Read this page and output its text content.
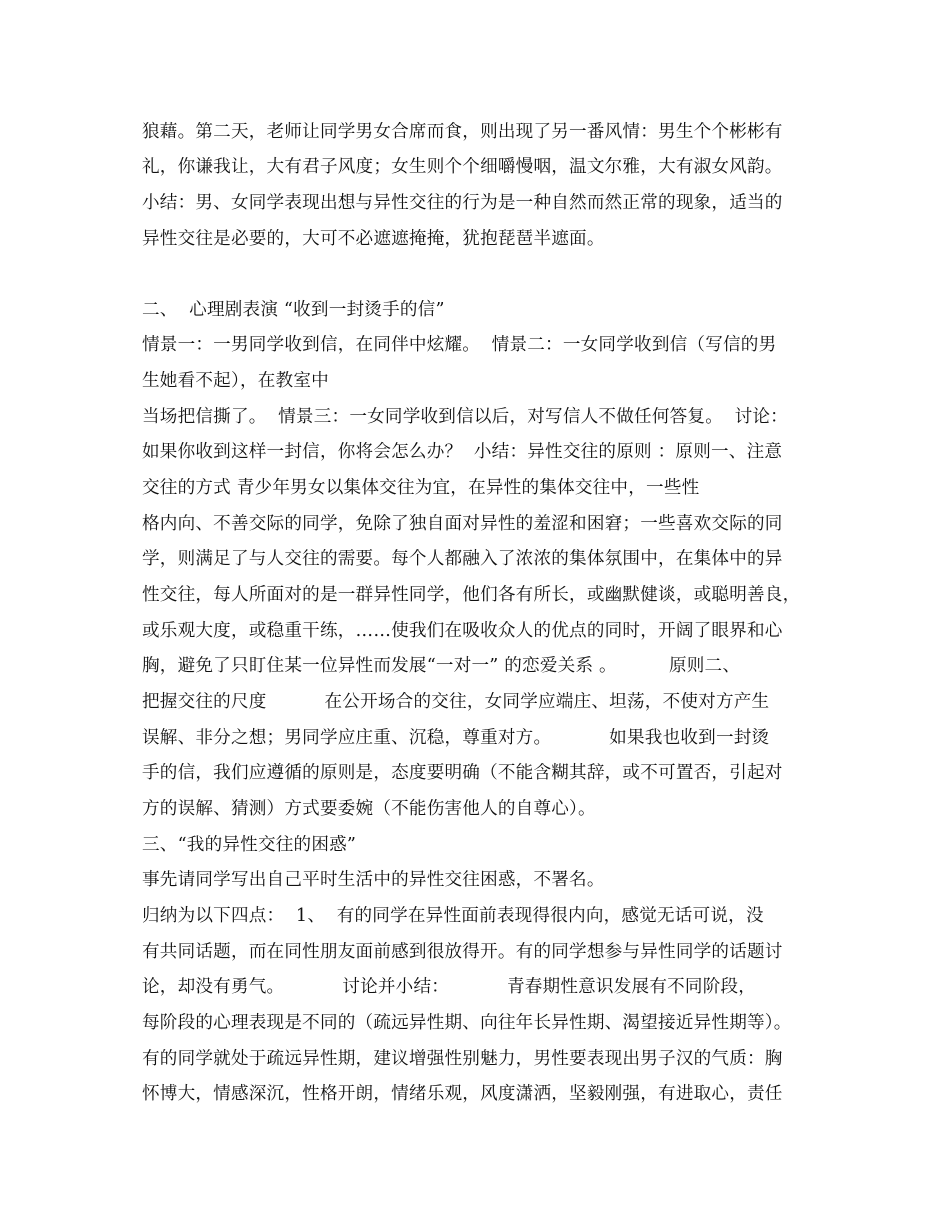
狼藉。第二天，老师让同学男女合席而食，则出现了另一番风情：男生个个彬彬有
礼，你谦我让，大有君子风度；女生则个个细嚼慢咽，温文尔雅，大有淑女风韵。
小结：男、女同学表现出想与异性交往的行为是一种自然而然正常的现象，适当的
异性交往是必要的，大可不必遮遮掩掩，犹抱琵琶半遮面。
二、  心理剧表演 “收到一封烫手的信”
情景一：一男同学收到信，在同伴中炫耀。  情景二：一女同学收到信（写信的男
生她看不起），在教室中
当场把信撕了。  情景三：一女同学收到信以后，对写信人不做任何答复。  讨论：
如果你收到这样一封信，你将会怎么办？  小结：异性交往的原则 ：原则一、注意
交往的方式 青少年男女以集体交往为宜，在异性的集体交往中，一些性
格内向、不善交际的同学，免除了独自面对异性的羞涩和困窘；一些喜欢交际的同
学，则满足了与人交往的需要。每个人都融入了浓浓的集体氛围中，在集体中的异
性交往，每人所面对的是一群异性同学，他们各有所长，或幽默健谈，或聪明善良，
或乐观大度，或稳重干练，……使我们在吸收众人的优点的同时，开阔了眼界和心
胸，避免了只盯住某一位异性而发展“一对一” 的恋爱关系 。         原则二、
把握交往的尺度          在公开场合的交往，女同学应端庄、坦荡，不使对方产生
误解、非分之想；男同学应庄重、沉稳，尊重对方。          如果我也收到一封烫
手的信，我们应遵循的原则是，态度要明确（不能含糊其辞，或不可置否，引起对
方的误解、猜测）方式要委婉（不能伤害他人的自尊心）。
三、“我的异性交往的困惑”
事先请同学写出自己平时生活中的异性交往困惑，不署名。
归纳为以下四点：  1、  有的同学在异性面前表现得很内向，感觉无话可说，没
有共同话题，而在同性朋友面前感到很放得开。有的同学想参与异性同学的话题讨
论，却没有勇气。          讨论并小结：          青春期性意识发展有不同阶段，
每阶段的心理表现是不同的（疏远异性期、向往年长异性期、渴望接近异性期等）。
有的同学就处于疏远异性期，建议增强性别魅力，男性要表现出男子汉的气质：胸
怀博大，情感深沉，性格开朗，情绪乐观，风度潇洒，坚毅刚强，有进取心，责任
